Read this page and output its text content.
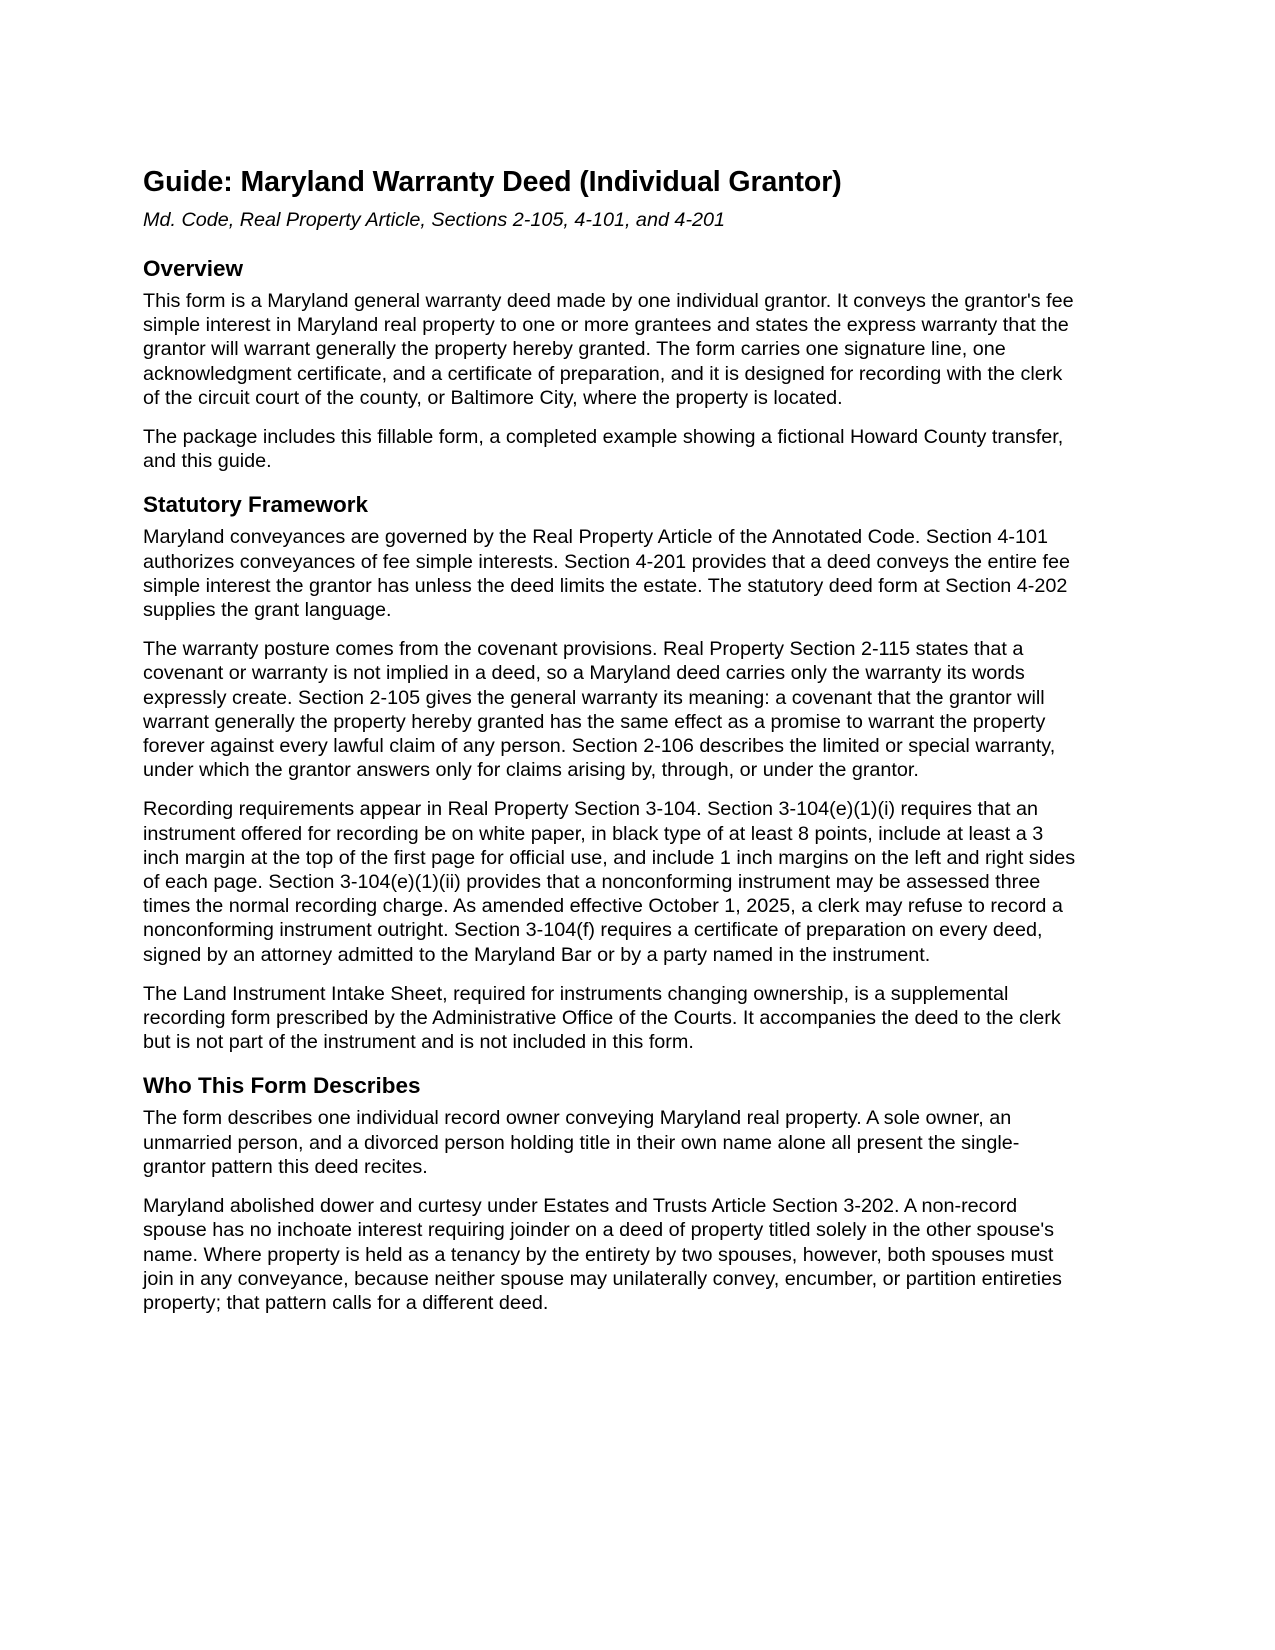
Guide: Maryland Warranty Deed (Individual Grantor)
Md. Code, Real Property Article, Sections 2-105, 4-101, and 4-201
Overview

This form is a Maryland general warranty deed made by one individual grantor. It conveys the grantor's fee simple interest in Maryland real property to one or more grantees and states the express warranty that the grantor will warrant generally the property hereby granted. The form carries one signature line, one acknowledgment certificate, and a certificate of preparation, and it is designed for recording with the clerk of the circuit court of the county, or Baltimore City, where the property is located.

The package includes this fillable form, a completed example showing a fictional Howard County transfer, and this guide.

Statutory Framework

Maryland conveyances are governed by the Real Property Article of the Annotated Code. Section 4-101 authorizes conveyances of fee simple interests. Section 4-201 provides that a deed conveys the entire fee simple interest the grantor has unless the deed limits the estate. The statutory deed form at Section 4-202 supplies the grant language.

The warranty posture comes from the covenant provisions. Real Property Section 2-115 states that a covenant or warranty is not implied in a deed, so a Maryland deed carries only the warranty its words expressly create. Section 2-105 gives the general warranty its meaning: a covenant that the grantor will warrant generally the property hereby granted has the same effect as a promise to warrant the property forever against every lawful claim of any person. Section 2-106 describes the limited or special warranty, under which the grantor answers only for claims arising by, through, or under the grantor.

Recording requirements appear in Real Property Section 3-104. Section 3-104(e)(1)(i) requires that an instrument offered for recording be on white paper, in black type of at least 8 points, include at least a 3 inch margin at the top of the first page for official use, and include 1 inch margins on the left and right sides of each page. Section 3-104(e)(1)(ii) provides that a nonconforming instrument may be assessed three times the normal recording charge. As amended effective October 1, 2025, a clerk may refuse to record a nonconforming instrument outright. Section 3-104(f) requires a certificate of preparation on every deed, signed by an attorney admitted to the Maryland Bar or by a party named in the instrument.

The Land Instrument Intake Sheet, required for instruments changing ownership, is a supplemental recording form prescribed by the Administrative Office of the Courts. It accompanies the deed to the clerk but is not part of the instrument and is not included in this form.

Who This Form Describes

The form describes one individual record owner conveying Maryland real property. A sole owner, an unmarried person, and a divorced person holding title in their own name alone all present the single-grantor pattern this deed recites.

Maryland abolished dower and curtesy under Estates and Trusts Article Section 3-202. A non-record spouse has no inchoate interest requiring joinder on a deed of property titled solely in the other spouse's name. Where property is held as a tenancy by the entirety by two spouses, however, both spouses must join in any conveyance, because neither spouse may unilaterally convey, encumber, or partition entireties property; that pattern calls for a different deed.
